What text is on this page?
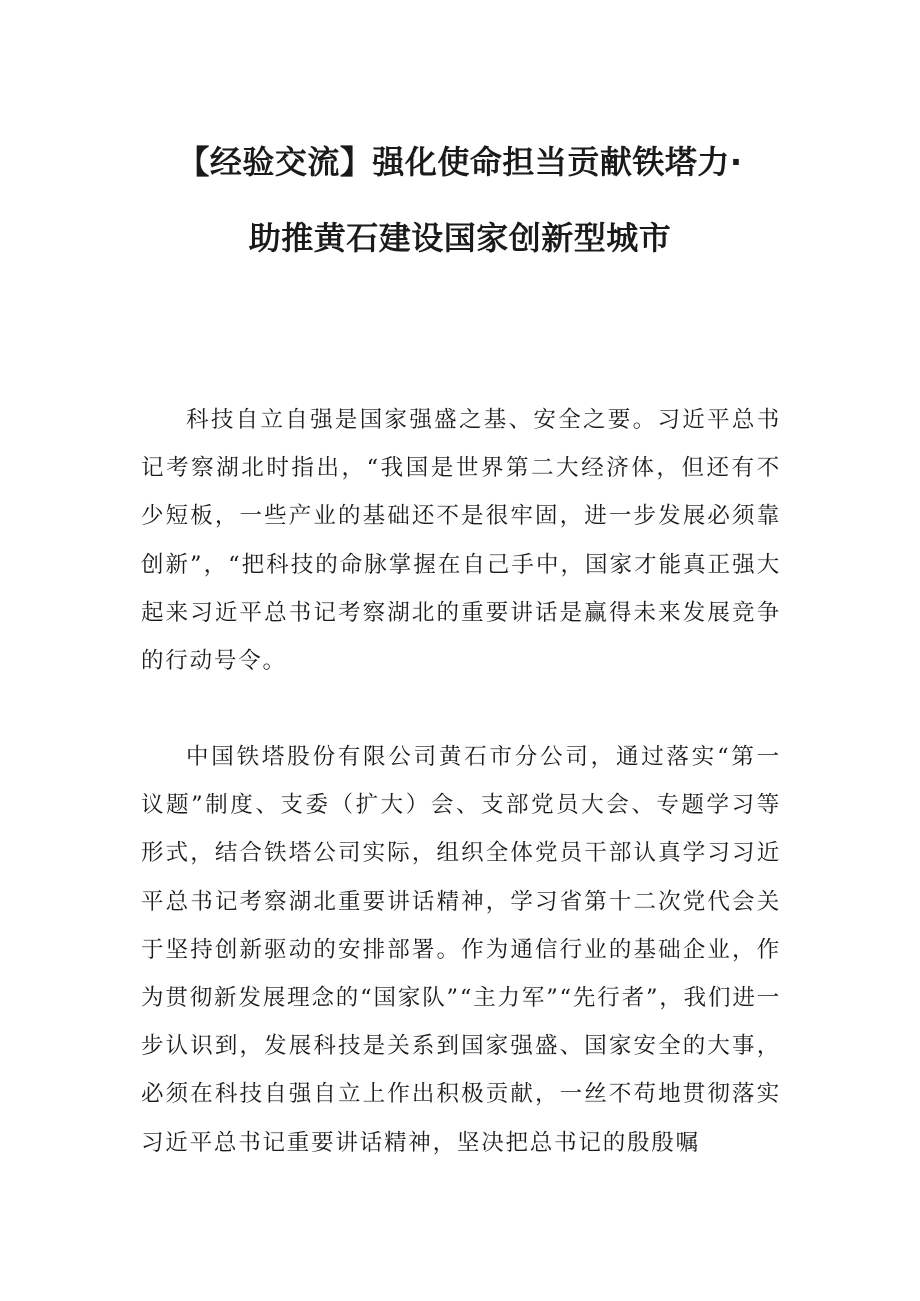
【经验交流】强化使命担当贡献铁塔力·
助推黄石建设国家创新型城市

科技自立自强是国家强盛之基、安全之要。习近平总书记考察湖北时指出，“我国是世界第二大经济体，但还有不少短板，一些产业的基础还不是很牢固，进一步发展必须靠创新”，“把科技的命脉掌握在自己手中，国家才能真正强大起来习近平总书记考察湖北的重要讲话是赢得未来发展竞争的行动号令。

中国铁塔股份有限公司黄石市分公司，通过落实“第一议题”制度、支委（扩大）会、支部党员大会、专题学习等形式，结合铁塔公司实际，组织全体党员干部认真学习习近平总书记考察湖北重要讲话精神，学习省第十二次党代会关于坚持创新驱动的安排部署。作为通信行业的基础企业，作为贯彻新发展理念的“国家队”“主力军”“先行者”，我们进一步认识到，发展科技是关系到国家强盛、国家安全的大事，必须在科技自强自立上作出积极贡献，一丝不苟地贯彻落实习近平总书记重要讲话精神，坚决把总书记的殷殷嘱
